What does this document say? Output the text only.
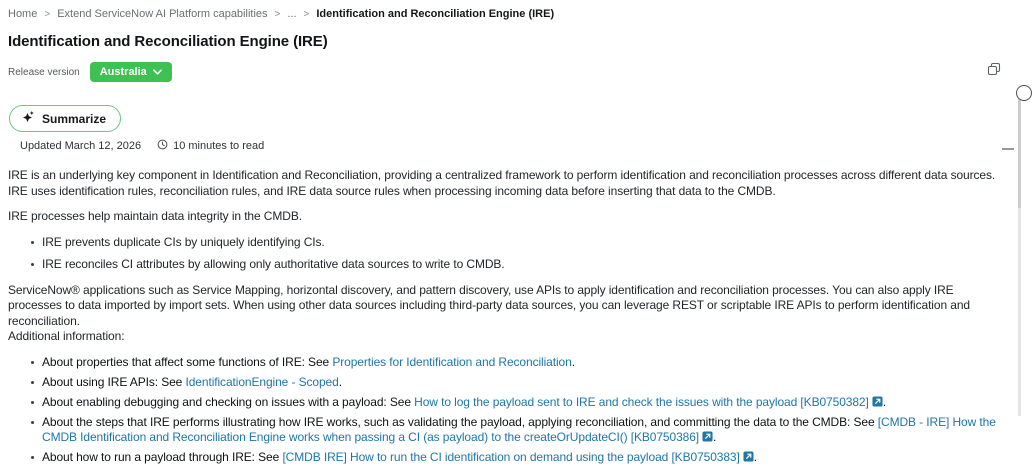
Home > Extend ServiceNow AI Platform capabilities > ... > Identification and Reconciliation Engine (IRE)
Identification and Reconciliation Engine (IRE)
Release version Australia
Summarize
Updated March 12, 2026	10 minutes to read

IRE is an underlying key component in Identification and Reconciliation, providing a centralized framework to perform identification and reconciliation processes across different data sources. IRE uses identification rules, reconciliation rules, and IRE data source rules when processing incoming data before inserting that data to the CMDB.

IRE processes help maintain data integrity in the CMDB.

IRE prevents duplicate CIs by uniquely identifying CIs.
IRE reconciles CI attributes by allowing only authoritative data sources to write to CMDB.

ServiceNow® applications such as Service Mapping, horizontal discovery, and pattern discovery, use APIs to apply identification and reconciliation processes. You can also apply IRE processes to data imported by import sets. When using other data sources including third-party data sources, you can leverage REST or scriptable IRE APIs to perform identification and reconciliation.

Additional information:

About properties that affect some functions of IRE: See Properties for Identification and Reconciliation.
About using IRE APIs: See IdentificationEngine - Scoped.
About enabling debugging and checking on issues with a payload: See How to log the payload sent to IRE and check the issues with the payload [KB0750382] .
About the steps that IRE performs illustrating how IRE works, such as validating the payload, applying reconciliation, and committing the data to the CMDB: See [CMDB - IRE] How the CMDB Identification and Reconciliation Engine works when passing a CI (as payload) to the createOrUpdateCI() [KB0750386] .
About how to run a payload through IRE: See [CMDB IRE] How to run the CI identification on demand using the payload [KB0750383] .
